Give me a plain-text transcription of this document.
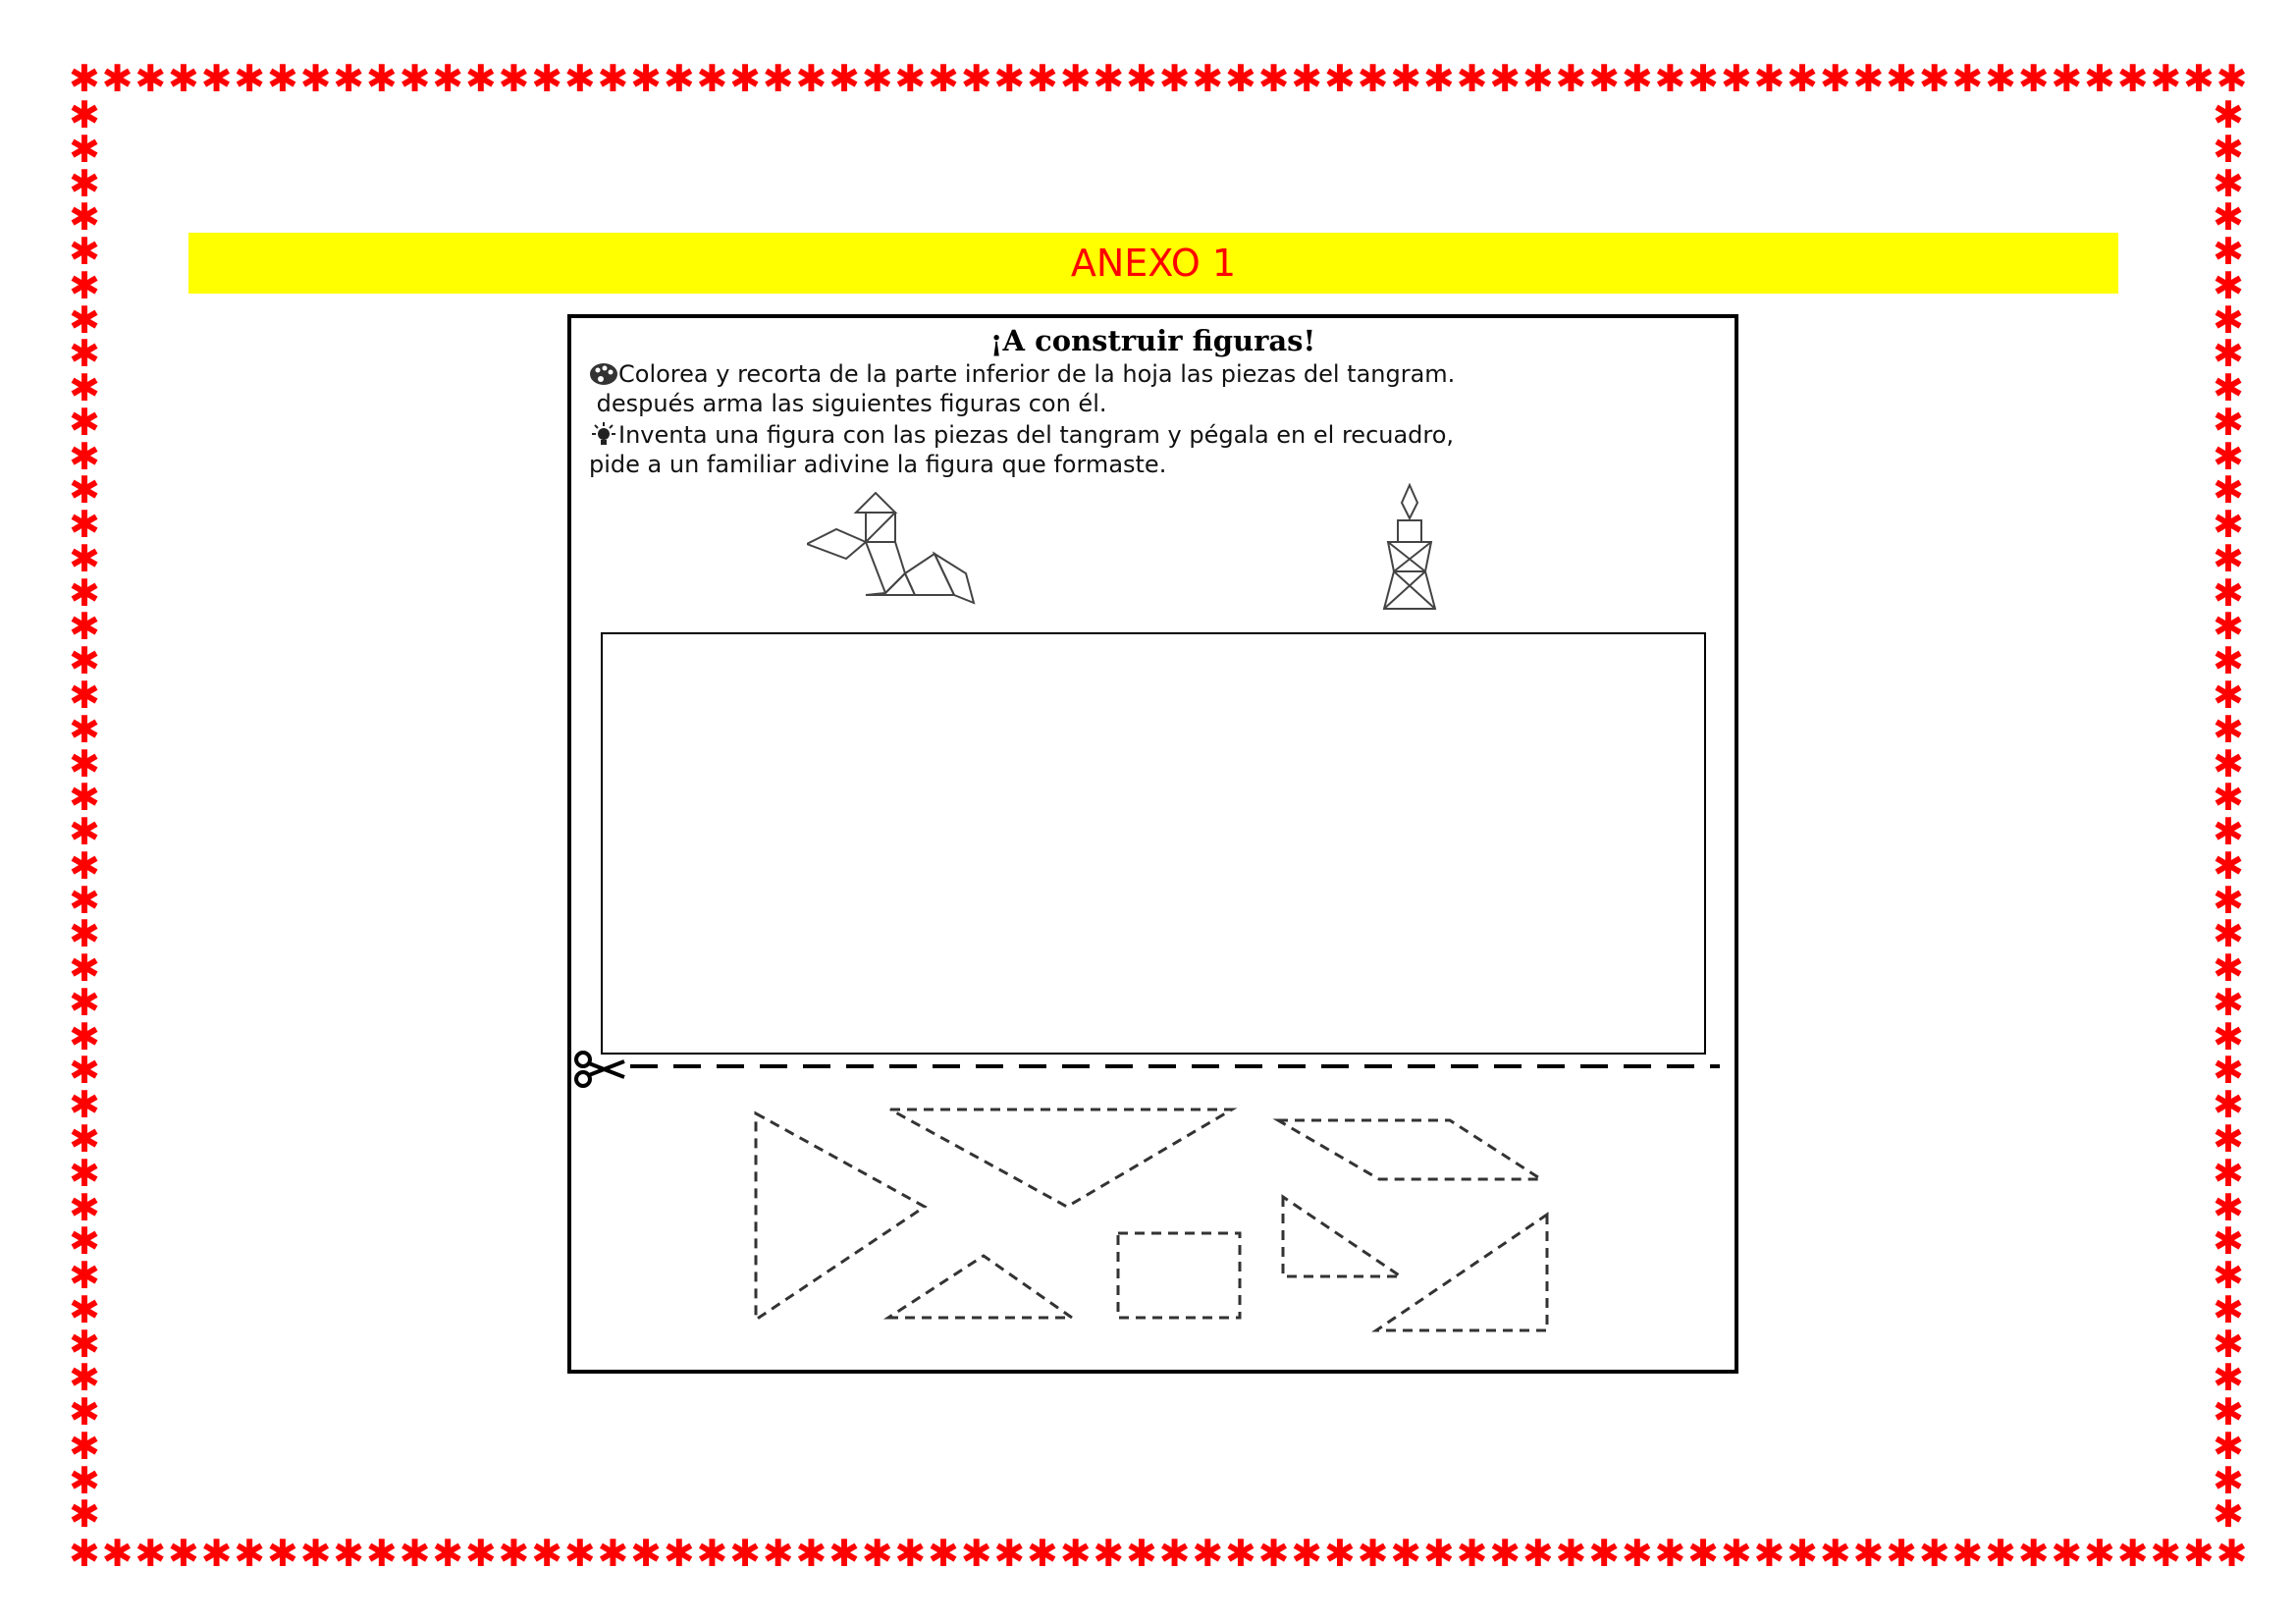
✱ ✱ ✱ ✱ ✱ ✱ ✱ ✱ ✱ ✱ ✱ ✱ ✱ ✱ ✱ ✱ ✱ ✱ ✱ ✱ ✱ ✱ ✱ ✱ ✱ ✱ ✱ ✱ ✱ ✱ ✱ ✱ ✱ ✱ ✱ ✱ ✱ ✱ ✱ ✱ ✱ ✱ ✱ ✱ ✱ ✱ ✱ ✱ ✱ ✱ ✱ ✱ ✱ ✱ ✱ ✱ ✱ ✱ ✱ ✱ ✱ ✱ ✱ ✱ ✱ ✱
✱ ✱ ✱ ✱ ✱ ✱ ✱ ✱ ✱ ✱ ✱ ✱ ✱ ✱ ✱ ✱ ✱ ✱ ✱ ✱ ✱ ✱ ✱ ✱ ✱ ✱ ✱ ✱ ✱ ✱ ✱ ✱ ✱ ✱ ✱ ✱ ✱ ✱ ✱ ✱ ✱ ✱ ✱ ✱ ✱ ✱ ✱ ✱ ✱ ✱ ✱ ✱ ✱ ✱ ✱ ✱ ✱ ✱ ✱ ✱ ✱ ✱ ✱ ✱ ✱ ✱
✱
✱
✱
✱
✱
✱
✱
✱
✱
✱
✱
✱
✱
✱
✱
✱
✱
✱
✱
✱
✱
✱
✱
✱
✱
✱
✱
✱
✱
✱
✱
✱
✱
✱
✱
✱
✱
✱
✱
✱
✱
✱
✱
✱
✱
✱
✱
✱
✱
✱
✱
✱
✱
✱
✱
✱
✱
✱
✱
✱
✱
✱
✱
✱
✱
✱
✱
✱
✱
✱
✱
✱
✱
✱
✱
✱
✱
✱
✱
✱
✱
✱
✱
✱
ANEXO 1
¡A construir figuras!
Colorea y recorta de la parte inferior de la hoja las piezas del tangram.
después arma las siguientes figuras con él.
Inventa una figura con las piezas del tangram y pégala en el recuadro,
pide a un familiar adivine la figura que formaste.
